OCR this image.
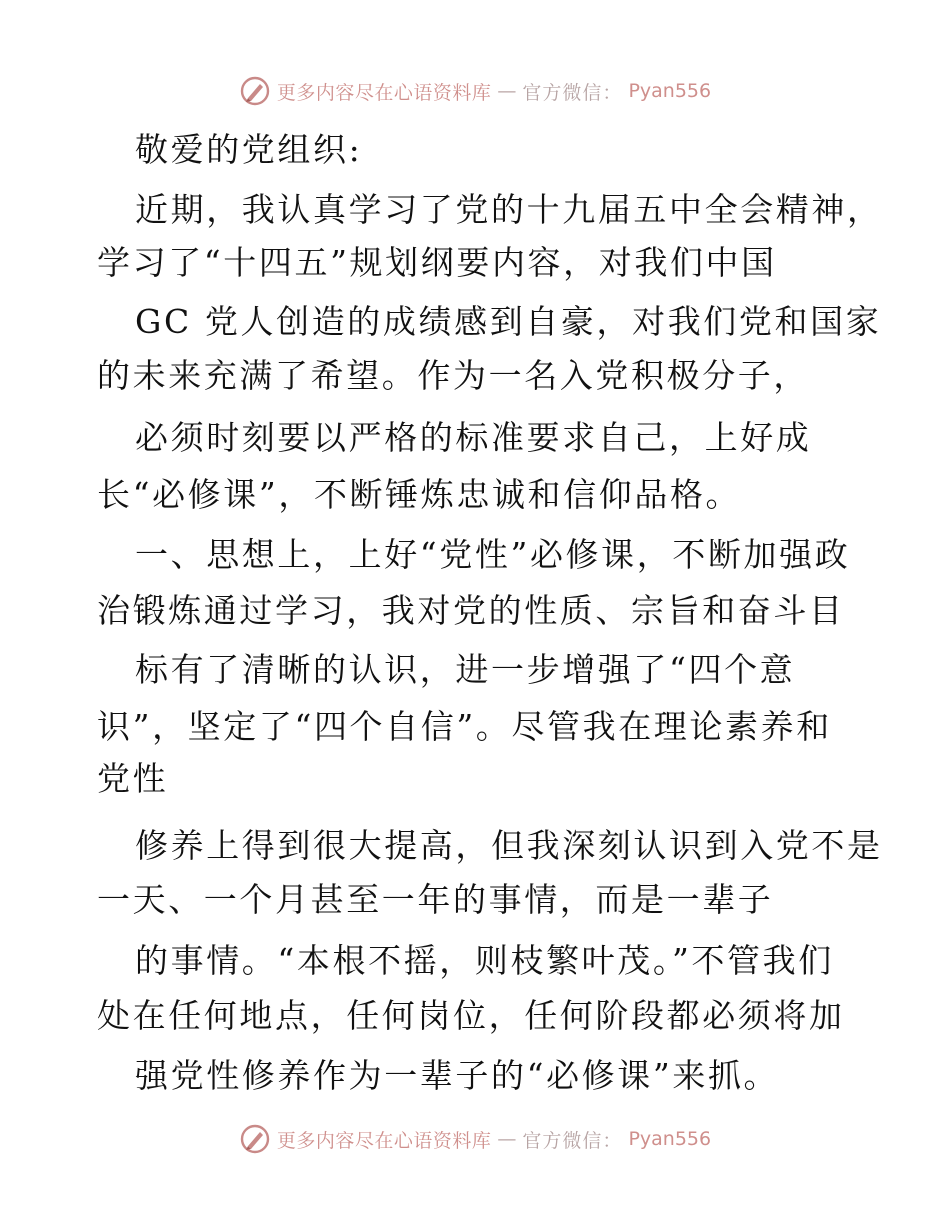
更多内容尽在心语资料库 — 官方微信： Pyan556
敬爱的党组织:
近期，我认真学习了党的十九届五中全会精神，
学习了“十四五”规划纲要内容，对我们中国
GC 党人创造的成绩感到自豪，对我们党和国家
的未来充满了希望。作为一名入党积极分子，
必须时刻要以严格的标准要求自己，上好成
长“必修课”，不断锤炼忠诚和信仰品格。
一、思想上，上好“党性”必修课，不断加强政
治锻炼通过学习，我对党的性质、宗旨和奋斗目
标有了清晰的认识，进一步增强了“四个意
识”，坚定了“四个自信”。尽管我在理论素养和
党性
修养上得到很大提高，但我深刻认识到入党不是
一天、一个月甚至一年的事情，而是一辈子
的事情。“本根不摇，则枝繁叶茂。”不管我们
处在任何地点，任何岗位，任何阶段都必须将加
强党性修养作为一辈子的“必修课”来抓。
更多内容尽在心语资料库 — 官方微信： Pyan556
